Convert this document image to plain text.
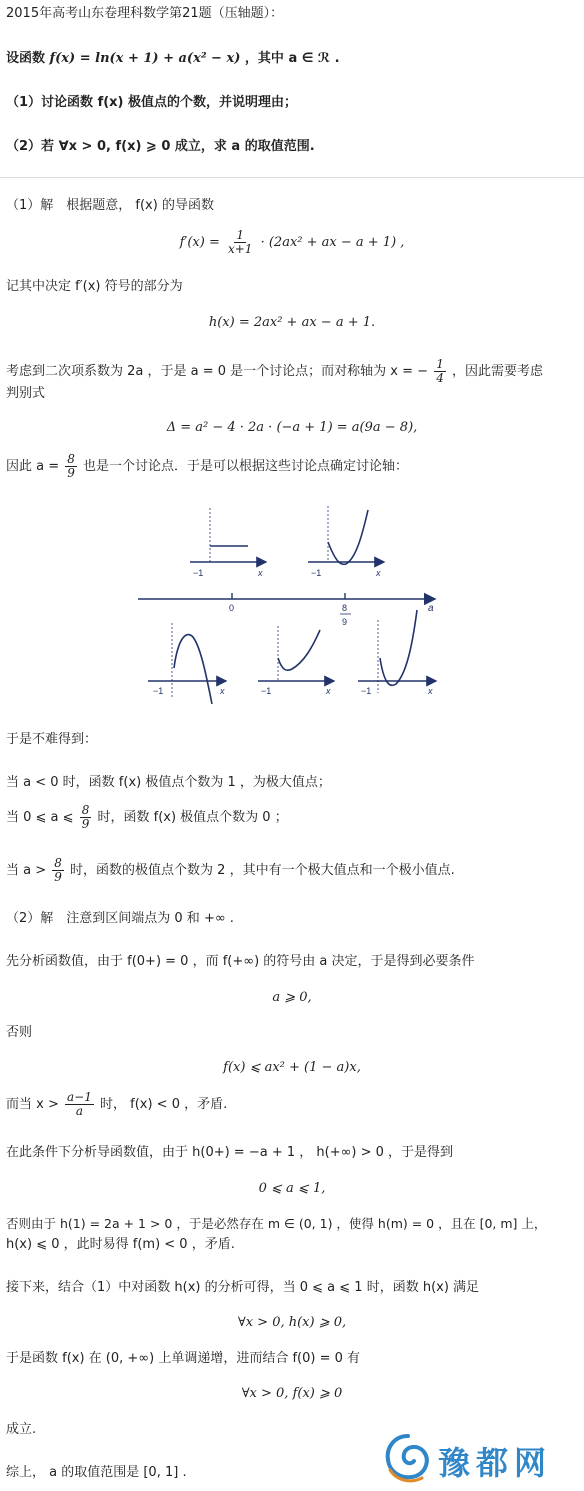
2015年高考山东卷理科数学第21题（压轴题）：
设函数 f(x) = ln(x + 1) + a(x² − x) ，其中 a ∈ ℛ .
（1）讨论函数 f(x) 极值点的个数，并说明理由；
（2）若 ∀x > 0, f(x) ⩾ 0 成立，求 a 的取值范围.
（1）解　根据题意， f(x) 的导函数
$f'(x) = \frac{1}{x+1} \cdot (2ax^2$ + ax − a + 1) ,
记其中决定 f′(x) 符号的部分为
h(x) = 2ax² + ax − a + 1.
考虑到二次项系数为 2a ，于是 a = 0 是一个讨论点；而对称轴为 x = − $\frac{1}{4}$ ，因此需要考虑
判别式
Δ = a² − 4 · 2a · (−a + 1) = a(9a − 8),
因此 $a = \frac{8}{9}$ 也是一个讨论点．于是可以根据这些讨论点确定讨论轴：
a
0	8
9
−1	x	−1	x
−1	x	−1	x	−1	x
于是不难得到：
当 a < 0 时，函数 f(x) 极值点个数为 1 ，为极大值点；
当 0 ⩽ a ⩽ $\frac{8}{9}$ 时，函数 f(x) 极值点个数为 0 ；
当 $a > \frac{8}{9}$ 时，函数的极值点个数为 2 ，其中有一个极大值点和一个极小值点.
（2）解　注意到区间端点为 0 和 +∞ .
先分析函数值，由于 f(0+) = 0 ，而 f(+∞) 的符号由 a 决定，于是得到必要条件
a ⩾ 0,
否则
f(x) ⩽ ax² + (1 − a)x,
而当 $x > \frac{a-1}{a}$ 时， f(x) < 0 ，矛盾.
在此条件下分析导函数值，由于 h(0+) = −a + 1 ， h(+∞) > 0 ，于是得到
0 ⩽ a ⩽ 1,
否则由于 h(1) = 2a + 1 > 0 ，于是必然存在 m ∈ (0, 1) ，使得 h(m) = 0 ，且在 [0, m] 上，
h(x) ⩽ 0 ，此时易得 f(m) < 0 ，矛盾.
接下来，结合（1）中对函数 h(x) 的分析可得，当 0 ⩽ a ⩽ 1 时，函数 h(x) 满足
∀x > 0, h(x) ⩾ 0,
于是函数 f(x) 在 (0, +∞) 上单调递增，进而结合 f(0) = 0 有
∀x > 0, f(x) ⩾ 0
成立.
综上， a 的取值范围是 [0, 1] .	豫都网
